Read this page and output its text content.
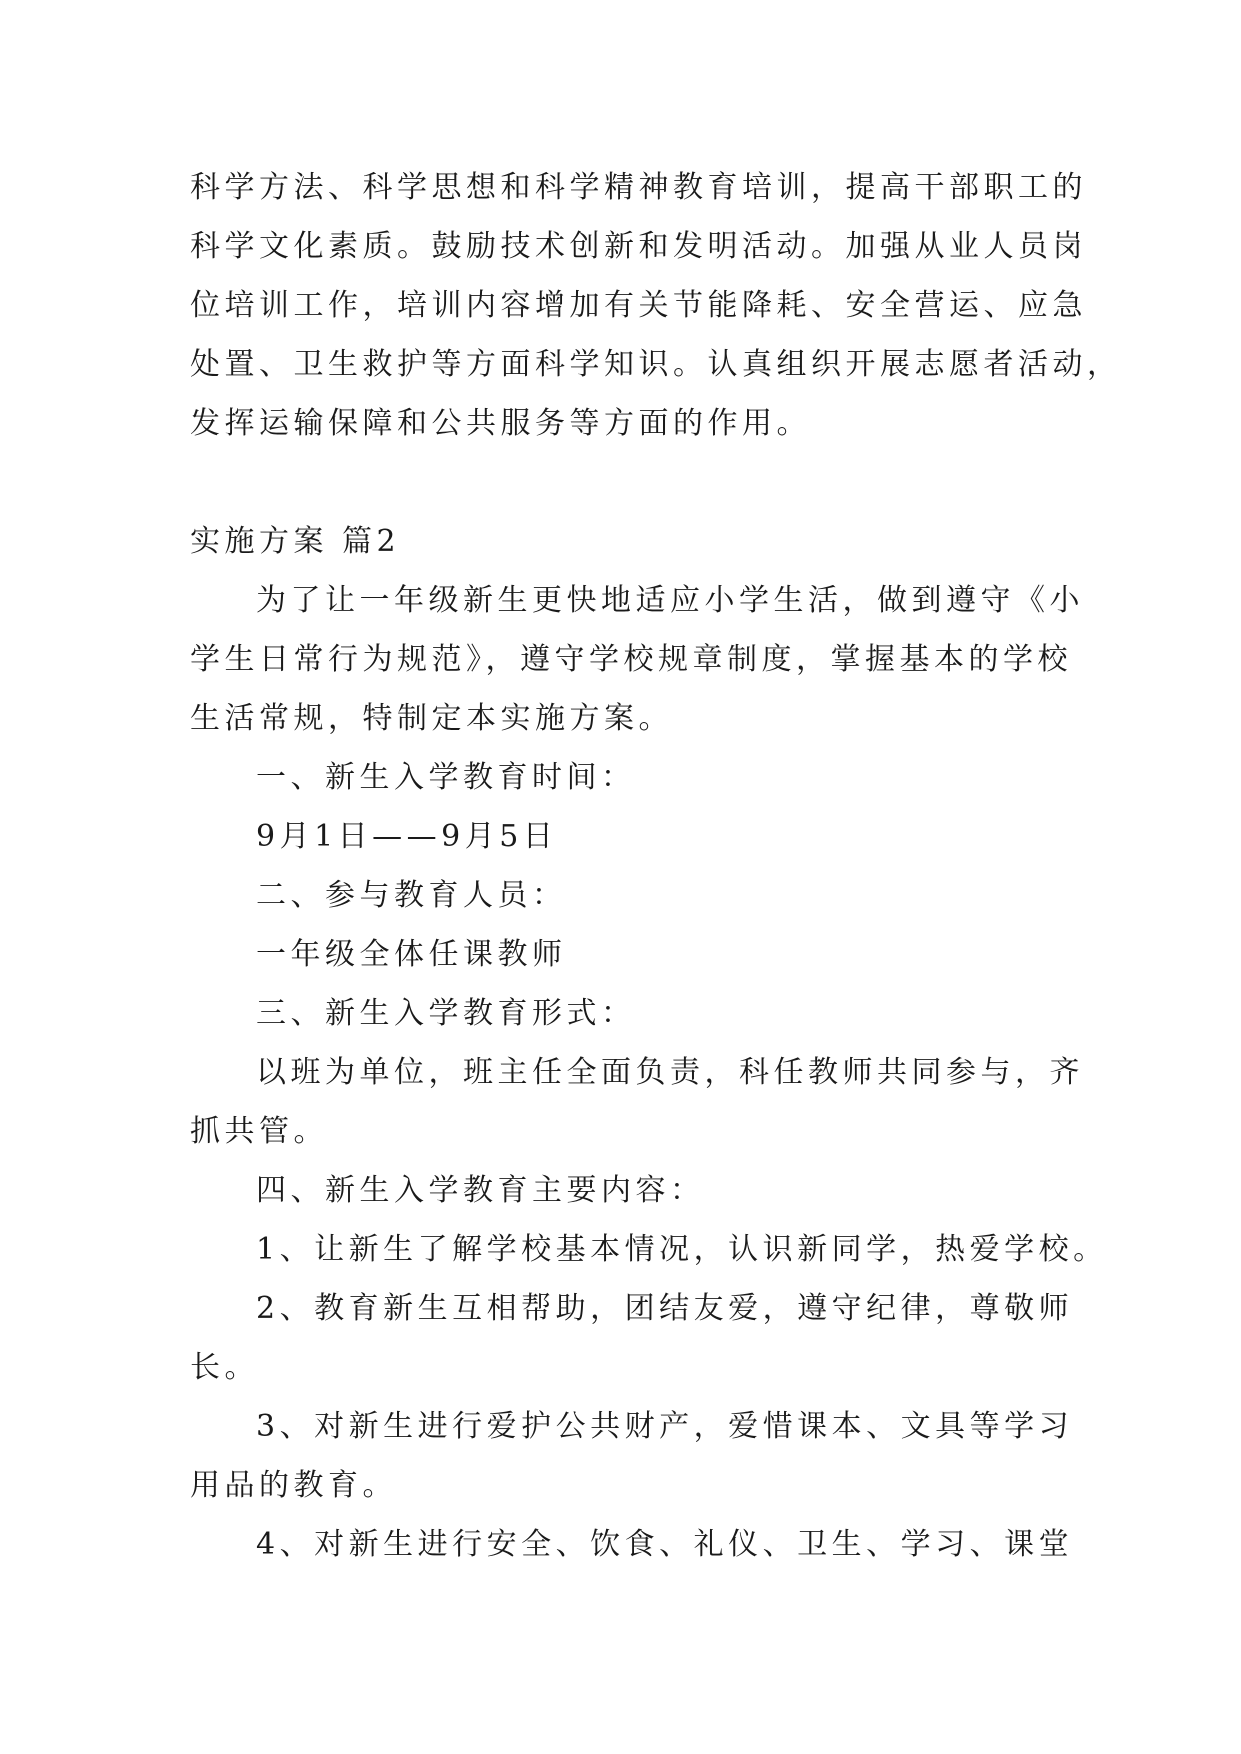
科学方法、科学思想和科学精神教育培训，提高干部职工的
科学文化素质。鼓励技术创新和发明活动。加强从业人员岗
位培训工作，培训内容增加有关节能降耗、安全营运、应急
处置、卫生救护等方面科学知识。认真组织开展志愿者活动，
发挥运输保障和公共服务等方面的作用。
实施方案 篇2
为了让一年级新生更快地适应小学生活，做到遵守《小
学生日常行为规范》，遵守学校规章制度，掌握基本的学校
生活常规，特制定本实施方案。
一、新生入学教育时间：
9月1日——9月5日
二、参与教育人员：
一年级全体任课教师
三、新生入学教育形式：
以班为单位，班主任全面负责，科任教师共同参与，齐
抓共管。
四、新生入学教育主要内容：
1、让新生了解学校基本情况，认识新同学，热爱学校。
2、教育新生互相帮助，团结友爱，遵守纪律，尊敬师
长。
3、对新生进行爱护公共财产，爱惜课本、文具等学习
用品的教育。
4、对新生进行安全、饮食、礼仪、卫生、学习、课堂
